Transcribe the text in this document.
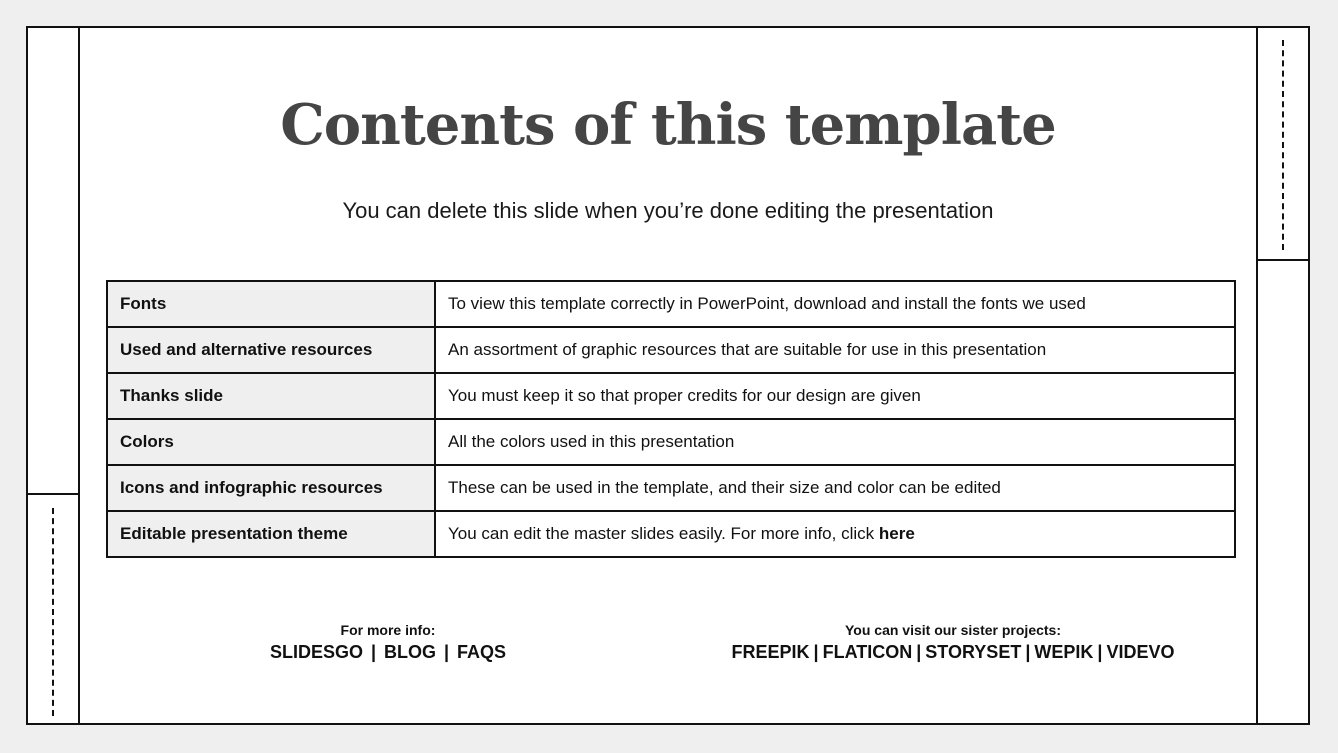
Contents of this template

You can delete this slide when you’re done editing the presentation

Fonts	To view this template correctly in PowerPoint, download and install the fonts we used
Used and alternative resources	An assortment of graphic resources that are suitable for use in this presentation
Thanks slide	You must keep it so that proper credits for our design are given
Colors	All the colors used in this presentation
Icons and infographic resources	These can be used in the template, and their size and color can be edited
Editable presentation theme	You can edit the master slides easily. For more info, click here

For more info:

SLIDESGO | BLOG | FAQS

You can visit our sister projects:

FREEPIK | FLATICON | STORYSET | WEPIK | VIDEVO
